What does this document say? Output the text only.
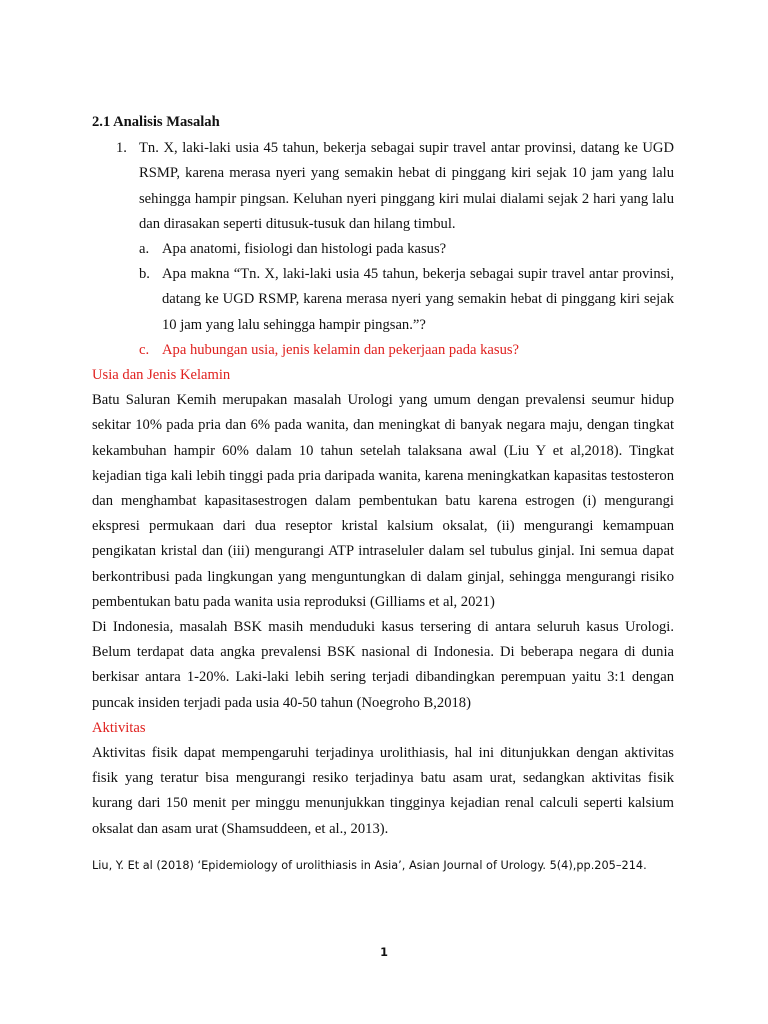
2.1 Analisis Masalah
1. Tn. X, laki-laki usia 45 tahun, bekerja sebagai supir travel antar provinsi, datang ke UGD RSMP, karena merasa nyeri yang semakin hebat di pinggang kiri sejak 10 jam yang lalu sehingga hampir pingsan. Keluhan nyeri pinggang kiri mulai dialami sejak 2 hari yang lalu dan dirasakan seperti ditusuk-tusuk dan hilang timbul.
a. Apa anatomi, fisiologi dan histologi pada kasus?
b. Apa makna “Tn. X, laki-laki usia 45 tahun, bekerja sebagai supir travel antar provinsi, datang ke UGD RSMP, karena merasa nyeri yang semakin hebat di pinggang kiri sejak 10 jam yang lalu sehingga hampir pingsan.”?
c. Apa hubungan usia, jenis kelamin dan pekerjaan pada kasus?
Usia dan Jenis Kelamin

Batu Saluran Kemih merupakan masalah Urologi yang umum dengan prevalensi seumur hidup sekitar 10% pada pria dan 6% pada wanita, dan meningkat di banyak negara maju, dengan tingkat kekambuhan hampir 60% dalam 10 tahun setelah talaksana awal (Liu Y et al,2018). Tingkat kejadian tiga kali lebih tinggi pada pria daripada wanita, karena meningkatkan kapasitas testosteron dan menghambat kapasitasestrogen dalam pembentukan batu karena estrogen (i) mengurangi ekspresi permukaan dari dua reseptor kristal kalsium oksalat, (ii) mengurangi kemampuan pengikatan kristal dan (iii) mengurangi ATP intraseluler dalam sel tubulus ginjal. Ini semua dapat berkontribusi pada lingkungan yang menguntungkan di dalam ginjal, sehingga mengurangi risiko pembentukan batu pada wanita usia reproduksi (Gilliams et al, 2021)

Di Indonesia, masalah BSK masih menduduki kasus tersering di antara seluruh kasus Urologi. Belum terdapat data angka prevalensi BSK nasional di Indonesia. Di beberapa negara di dunia berkisar antara 1-20%. Laki-laki lebih sering terjadi dibandingkan perempuan yaitu 3:1 dengan puncak insiden terjadi pada usia 40-50 tahun (Noegroho B,2018)

Aktivitas

Aktivitas fisik dapat mempengaruhi terjadinya urolithiasis, hal ini ditunjukkan dengan aktivitas fisik yang teratur bisa mengurangi resiko terjadinya batu asam urat, sedangkan aktivitas fisik kurang dari 150 menit per minggu menunjukkan tingginya kejadian renal calculi seperti kalsium oksalat dan asam urat (Shamsuddeen, et al., 2013).

Liu, Y. Et al (2018) ‘Epidemiology of urolithiasis in Asia’, Asian Journal of Urology. 5(4),pp.205–214.
1
